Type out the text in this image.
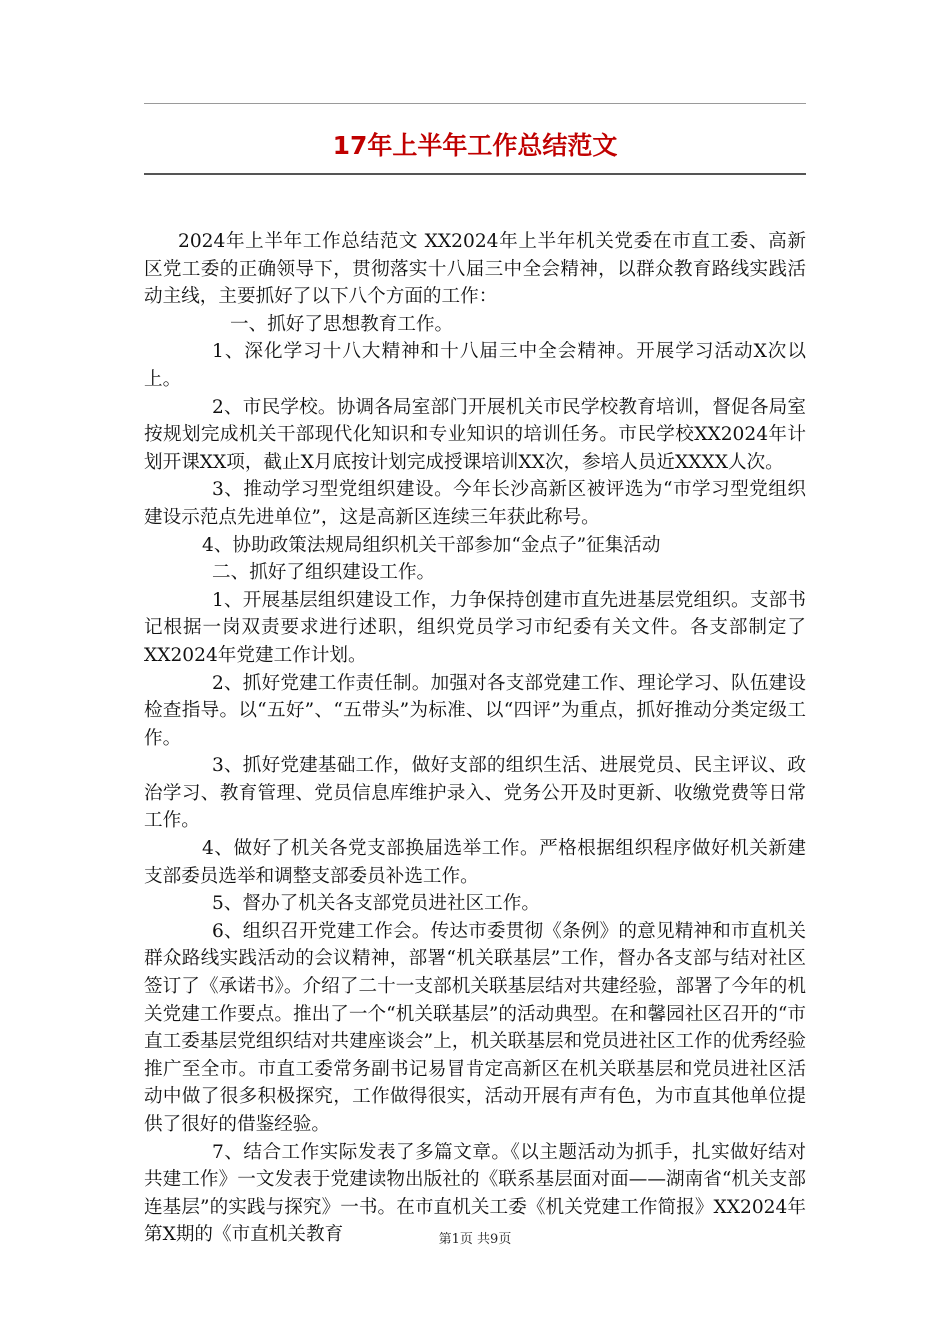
17年上半年工作总结范文

2024年上半年工作总结范文 XX2024年上半年机关党委在市直工委、高新区党工委的正确领导下，贯彻落实十八届三中全会精神，以群众教育路线实践活动主线，主要抓好了以下八个方面的工作：

一、抓好了思想教育工作。

1、深化学习十八大精神和十八届三中全会精神。开展学习活动X次以上。

2、市民学校。协调各局室部门开展机关市民学校教育培训，督促各局室按规划完成机关干部现代化知识和专业知识的培训任务。市民学校XX2024年计划开课XX项，截止X月底按计划完成授课培训XX次，参培人员近XXXX人次。

3、推动学习型党组织建设。今年长沙高新区被评选为“市学习型党组织建设示范点先进单位”，这是高新区连续三年获此称号。

4、协助政策法规局组织机关干部参加“金点子”征集活动

二、抓好了组织建设工作。

1、开展基层组织建设工作，力争保持创建市直先进基层党组织。支部书记根据一岗双责要求进行述职，组织党员学习市纪委有关文件。各支部制定了XX2024年党建工作计划。

2、抓好党建工作责任制。加强对各支部党建工作、理论学习、队伍建设检查指导。以“五好”、“五带头”为标准、以“四评”为重点，抓好推动分类定级工作。

3、抓好党建基础工作，做好支部的组织生活、进展党员、民主评议、政治学习、教育管理、党员信息库维护录入、党务公开及时更新、收缴党费等日常工作。

4、做好了机关各党支部换届选举工作。严格根据组织程序做好机关新建支部委员选举和调整支部委员补选工作。

5、督办了机关各支部党员进社区工作。

6、组织召开党建工作会。传达市委贯彻《条例》的意见精神和市直机关群众路线实践活动的会议精神，部署“机关联基层”工作，督办各支部与结对社区签订了《承诺书》。介绍了二十一支部机关联基层结对共建经验，部署了今年的机关党建工作要点。推出了一个“机关联基层”的活动典型。在和馨园社区召开的“市直工委基层党组织结对共建座谈会”上，机关联基层和党员进社区工作的优秀经验推广至全市。市直工委常务副书记易冒肯定高新区在机关联基层和党员进社区活动中做了很多积极探究，工作做得很实，活动开展有声有色，为市直其他单位提供了很好的借鉴经验。

7、结合工作实际发表了多篇文章。《以主题活动为抓手，扎实做好结对共建工作》一文发表于党建读物出版社的《联系基层面对面——湖南省“机关支部连基层”的实践与探究》一书。在市直机关工委《机关党建工作简报》XX2024年第X期的《市直机关教育	第1页 共9页
